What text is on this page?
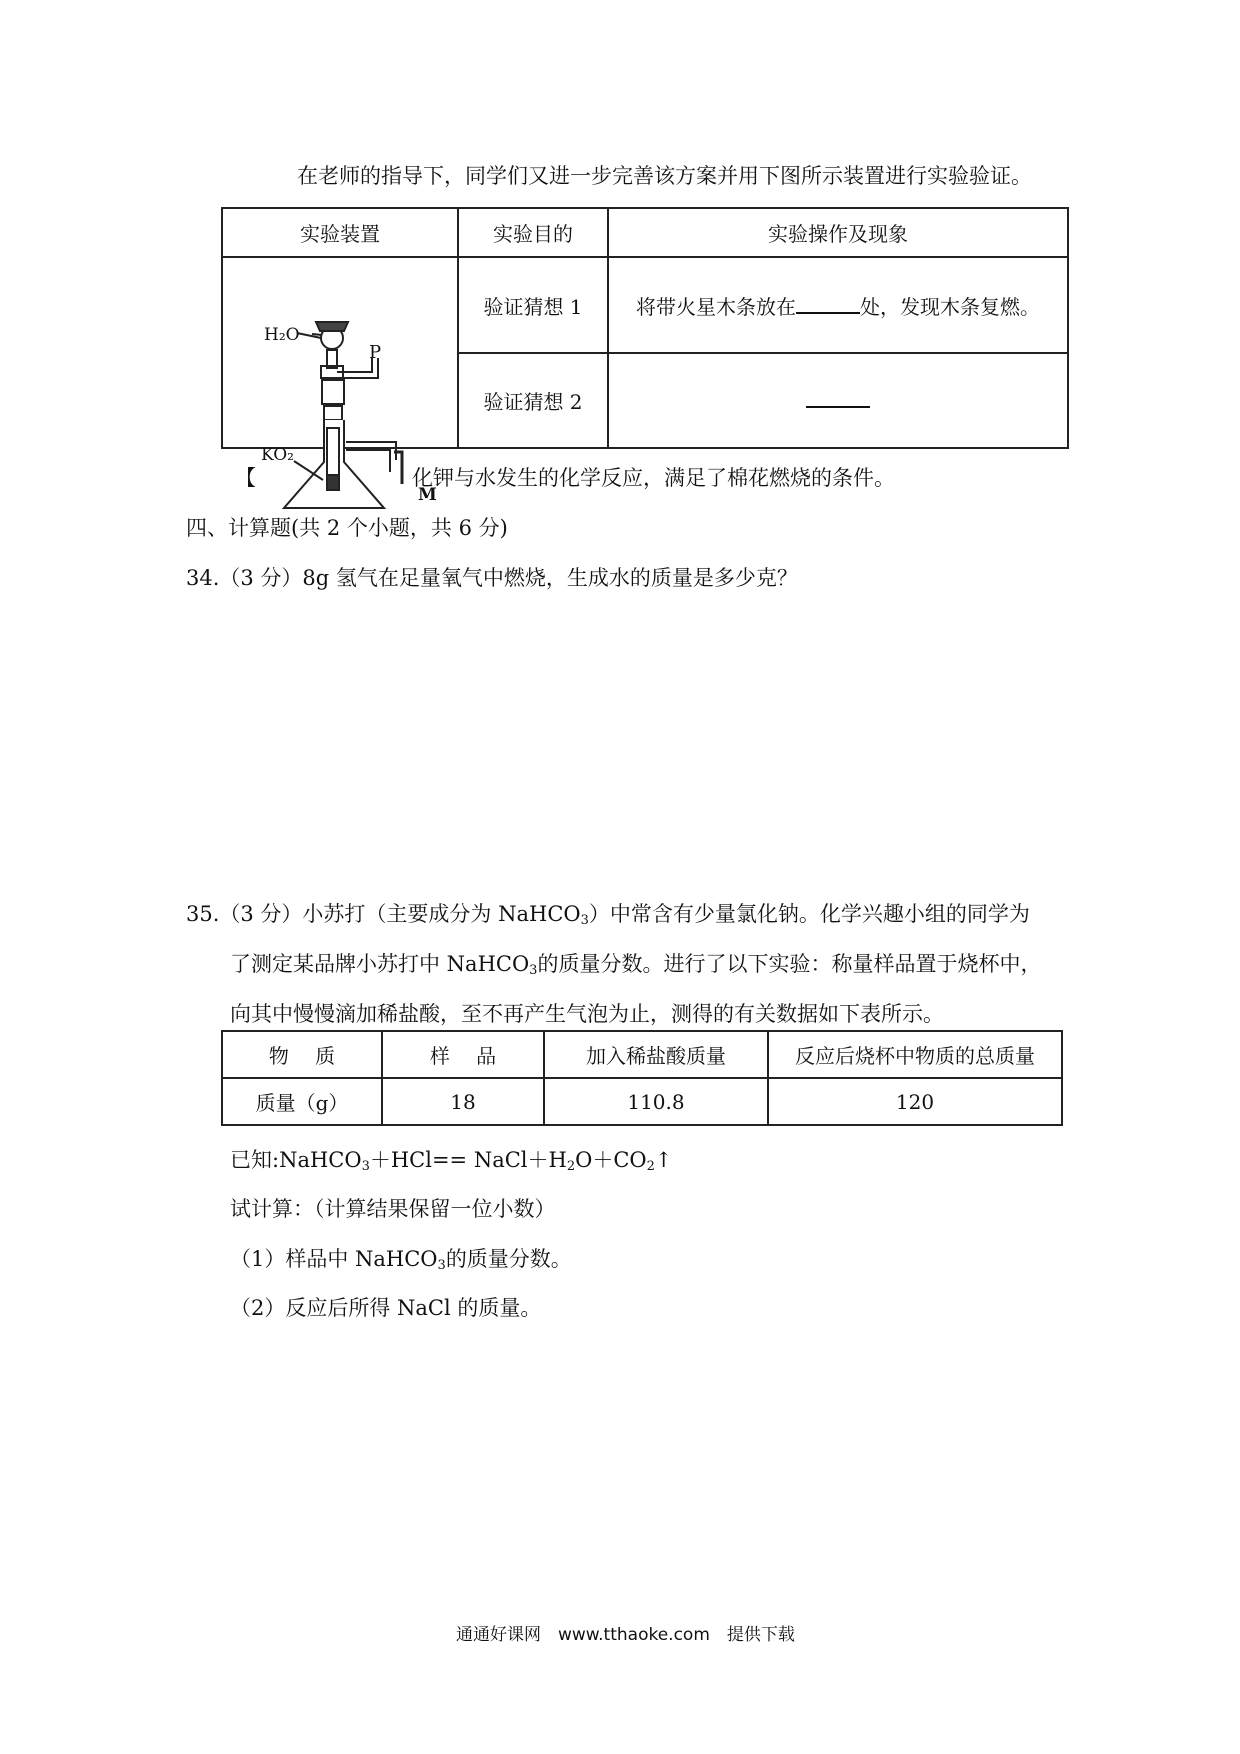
在老师的指导下，同学们又进一步完善该方案并用下图所示装置进行实验验证。
实验装置	实验目的	实验操作及现象
	验证猜想 1	将带火星木条放在 处，发现木条复燃。
	验证猜想 2	
H₂O
P
KO₂
M
【	化钾与水发生的化学反应，满足了棉花燃烧的条件。
四、计算题(共 2 个小题，共 6 分)
34.（3 分）8g 氢气在足量氧气中燃烧，生成水的质量是多少克？
35.（3 分）小苏打（主要成分为 NaHCO$_3$）中常含有少量氯化钠。化学兴趣小组的同学为
了测定某品牌小苏打中 NaHCO$_3$的质量分数。进行了以下实验：称量样品置于烧杯中，
向其中慢慢滴加稀盐酸，至不再产生气泡为止，测得的有关数据如下表所示。
物　 质	样　 品	加入稀盐酸质量	反应后烧杯中物质的总质量
质量（g）	18	110.8	120
已知:NaHCO$_3$＋HCl== $NaCl+H_2O+CO_2↑$
试计算：（计算结果保留一位小数）
（1）样品中 NaHCO$_3$的质量分数。
（2）反应后所得 NaCl 的质量。
通通好课网　www.tthaoke.com　提供下载
